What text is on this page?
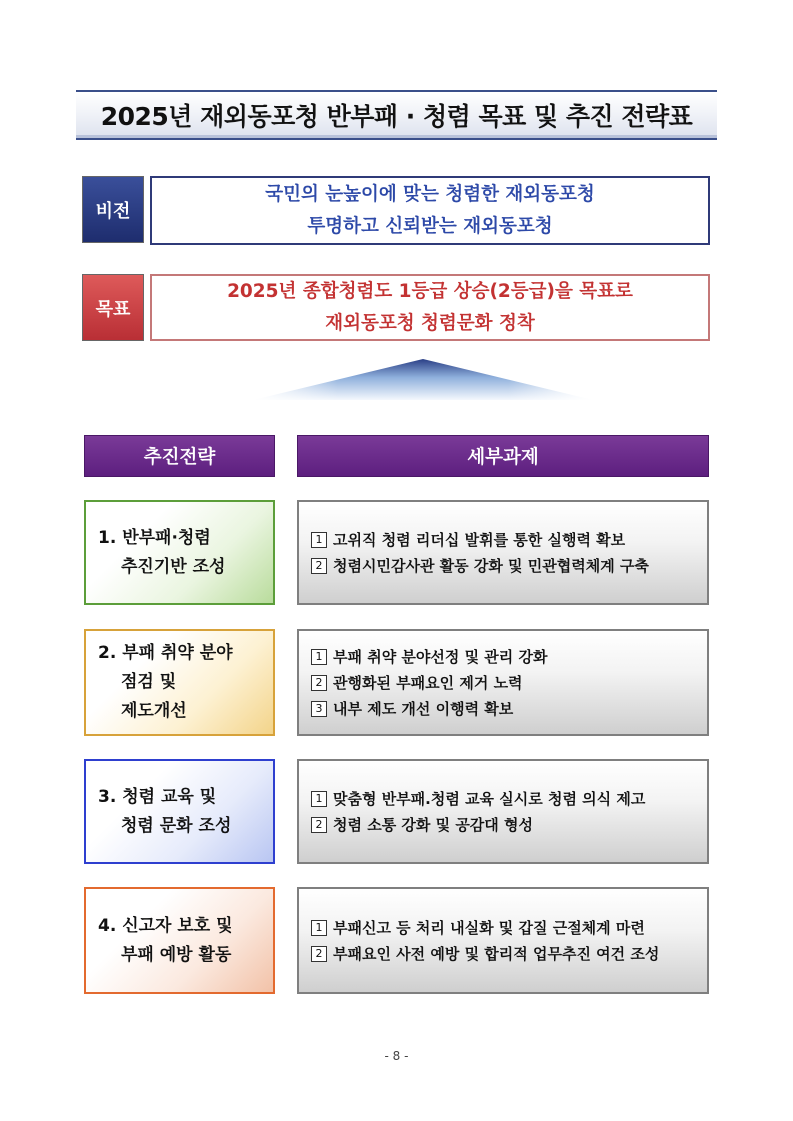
2025년 재외동포청 반부패 · 청렴 목표 및 추진 전략표
비전
국민의 눈높이에 맞는 청렴한 재외동포청
투명하고 신뢰받는 재외동포청
목표
2025년 종합청렴도 1등급 상승(2등급)을 목표로
재외동포청 청렴문화 정착
추진전략	세부과제
1. 반부패·청렴
추진기반 조성
1 고위직 청렴 리더십 발휘를 통한 실행력 확보
2 청렴시민감사관 활동 강화 및 민관협력체계 구축
2. 부패 취약 분야
점검 및
제도개선
1 부패 취약 분야선정 및 관리 강화
2 관행화된 부패요인 제거 노력
3 내부 제도 개선 이행력 확보
3. 청렴 교육 및
청렴 문화 조성
1 맞춤형 반부패.청렴 교육 실시로 청렴 의식 제고
2 청렴 소통 강화 및 공감대 형성
4. 신고자 보호 및
부패 예방 활동
1 부패신고 등 처리 내실화 및 갑질 근절체계 마련
2 부패요인 사전 예방 및 합리적 업무추진 여건 조성
- 8 -
